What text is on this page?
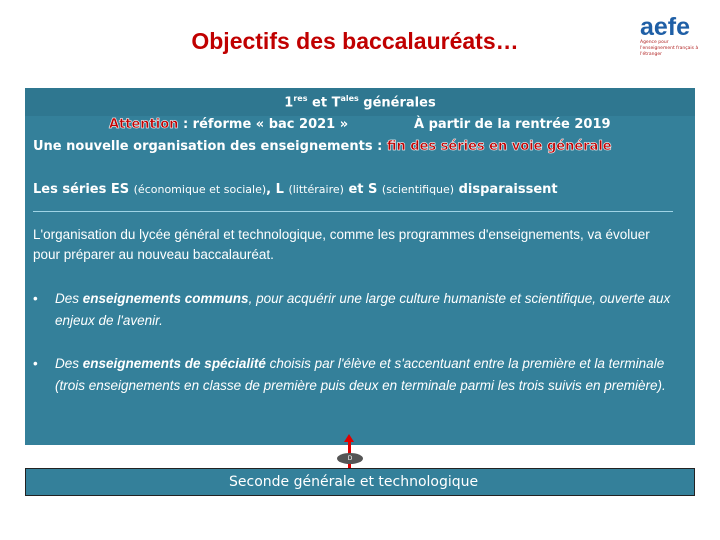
Objectifs des baccalauréats…	aefe
Agence pour l'enseignement français à l'étranger
1res et $T^{ales}$ générales
Attention : réforme « bac 2021 »	À partir de la rentrée 2019
Une nouvelle organisation des enseignements : fin des séries en voie générale
Les séries ES (économique et sociale), L (littéraire) et S (scientifique) disparaissent
L'organisation du lycée général et technologique, comme les programmes d'enseignements, va évoluer pour préparer au nouveau baccalauréat.
• Des enseignements communs, pour acquérir une large culture humaniste et scientifique, ouverte aux enjeux de l'avenir.
• Des enseignements de spécialité choisis par l'élève et s'accentuant entre la première et la terminale (trois enseignements en classe de première puis deux en terminale parmi les trois suivis en première).
D
Seconde générale et technologique
